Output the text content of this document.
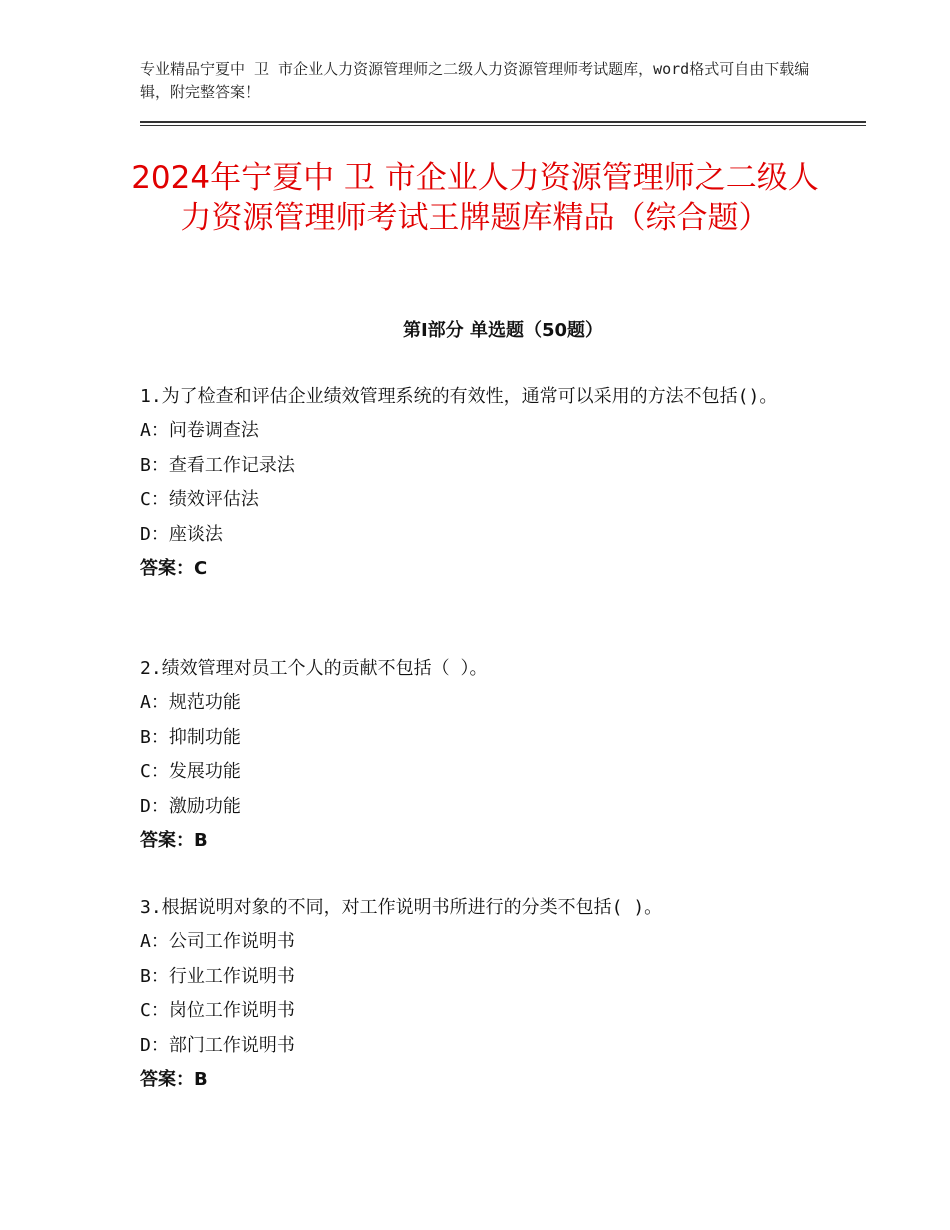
专业精品宁夏中 卫 市企业人力资源管理师之二级人力资源管理师考试题库，word格式可自由下载编辑，附完整答案！
2024年宁夏中 卫 市企业人力资源管理师之二级人力资源管理师考试王牌题库精品（综合题）
第Ⅰ部分 单选题（50题）

1.为了检查和评估企业绩效管理系统的有效性，通常可以采用的方法不包括()。

A：问卷调查法

B：查看工作记录法

C：绩效评估法

D：座谈法

答案：C

2.绩效管理对员工个人的贡献不包括（ ）。

A：规范功能

B：抑制功能

C：发展功能

D：激励功能

答案：B

3.根据说明对象的不同，对工作说明书所进行的分类不包括( )。

A：公司工作说明书

B：行业工作说明书

C：岗位工作说明书

D：部门工作说明书

答案：B
